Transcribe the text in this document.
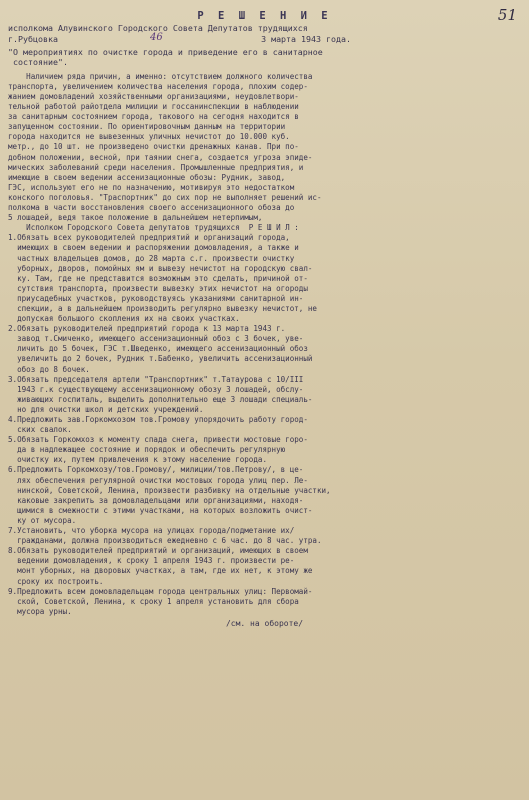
51
Р Е Ш Е Н И Е
исполкома Алувинского Городского Совета Депутатов трудящихся
г.Рубцовка	46	3 марта 1943 года.
"О мероприятиях по очистке города и приведение его в санитарное
состояние".
Наличием ряда причин, а именно: отсутствием должного количества
транспорта, увеличением количества населения города, плохим содер-
жанием домовладений хозяйственными организациями, неудовлетвори-
тельной работой райотдела милиции и госсанинспекции в наблюдении
за санитарным состоянием города, такового на сегодня находится в
запущенном состоянии. По ориентировочным данным на территории
города находится не вывезенных уличных нечистот до 10.000 куб.
метр., до 10 шт. не произведено очистки дренажных канав. При по-
добном положении, весной, при таянии снега, создается угроза эпиде-
мических заболеваний среди населения. Промышленные предприятия, и
имеющие в своем ведении ассенизационные обозы: Рудник, завод,
ГЭС, используют его не по назначению, мотивируя это недостатком
конского поголовья. "Траспортник" до сих пор не выполняет решений ис-
полкома в части восстановления своего ассенизационного обоза до
5 лошадей, ведя такое положение в дальнейшем нетерпимым,
Исполком Городского Совета депутатов трудящихся  Р Е Ш И Л :
1.Обязать всех руководителей предприятий и организаций города,
имеющих в своем ведении и распоряжении домовладения, а также и
частных владельцев домов, до 28 марта с.г. произвести очистку
уборных, дворов, помойных ям и вывезу нечистот на городскую свал-
ку. Там, где не представится возможным это сделать, причиной от-
сутствия транспорта, произвести вывезку этих нечистот на огороды
приусадебных участков, руководствуясь указаниями санитарной ин-
спекции, а в дальнейшем производить регулярно вывезку нечистот, не
допуская большого скопления их на своих участках.
2.Обязать руководителей предприятий города к 13 марта 1943 г.
завод т.Смиченко, имеющего ассенизационный обоз с 3 бочек, уве-
личить до 5 бочек, ГЭС т.Шведенко, имеющего ассенизационный обоз
увеличить до 2 бочек, Рудник т.Бабенко, увеличить ассенизационный
обоз до 8 бочек.
3.Обязать председателя артели "Транспортник" т.Татаурова с 10/III
1943 г.к существующему ассенизационному обозу 3 лошадей, обслу-
живающих госпиталь, выделить дополнительно еще 3 лошади специаль-
но для очистки школ и детских учреждений.
4.Предложить зав.Горкомхозом тов.Громову упорядочить работу город-
ских свалок.
5.Обязать Горкомхоз к моменту спада снега, привести мостовые горо-
да в надлежащее состояние и порядок и обеспечить регулярную
очистку их, путем привлечения к этому население города.
6.Предложить Горкомхозу/тов.Громову/, милиции/тов.Петрову/, в це-
лях обеспечения регулярной очистки мостовых города улиц пер. Ле-
нинской, Советской, Ленина, произвести разбивку на отдельные участки,
каковые закрепить за домовладельцами или организациями, находя-
щимися в смежности с этими участками, на которых возложить очист-
ку от мусора.
7.Установить, что уборка мусора на улицах города/подметание их/
гражданами, должна производиться ежедневно с 6 час. до 8 час. утра.
8.Обязать руководителей предприятий и организаций, имеющих в своем
ведении домовладения, к сроку 1 апреля 1943 г. произвести ре-
монт уборных, на дворовых участках, а там, где их нет, к этому же
сроку их построить.
9.Предложить всем домовладельцам города центральных улиц: Первомай-
ской, Советской, Ленина, к сроку 1 апреля установить для сбора
мусора урны.
/см. на обороте/
